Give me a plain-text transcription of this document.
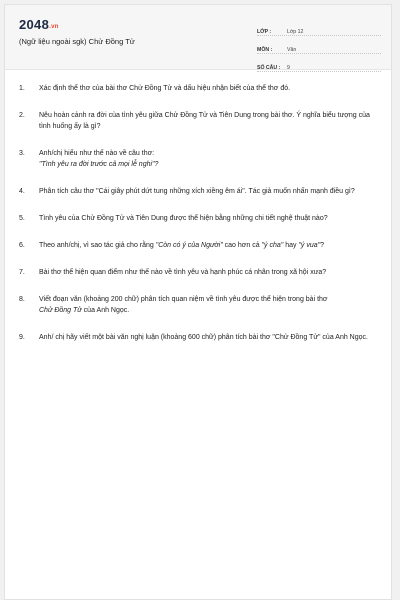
2048.vn
(Ngữ liệu ngoài sgk) Chử Đồng Tử
LỚP :	Lớp 12
MÔN :	Văn
SỐ CÂU :	9
1.	Xác định thể thơ của bài thơ Chử Đồng Tử và dấu hiệu nhận biết của thể thơ đó.
2.	Nêu hoàn cảnh ra đời của tình yêu giữa Chử Đồng Tử và Tiên Dung trong bài thơ. Ý nghĩa biểu tượng của tình huống ấy là gì?
3.	Anh/chị hiểu như thế nào về câu thơ:
"Tình yêu ra đời trước cả mọi lễ nghi"?
4.	Phân tích câu thơ "Cái giây phút dứt tung những xích xiềng êm ái". Tác giả muốn nhấn mạnh điều gì?
5.	Tình yêu của Chử Đồng Tử và Tiên Dung được thể hiện bằng những chi tiết nghệ thuật nào?
6.	Theo anh/chị, vì sao tác giả cho rằng "Còn có ý của Người" cao hơn cả "ý cha" hay "ý vua"?
7.	Bài thơ thể hiện quan điểm như thế nào về tình yêu và hạnh phúc cá nhân trong xã hội xưa?
8.	Viết đoạn văn (khoảng 200 chữ) phân tích quan niệm về tình yêu được thể hiện trong bài thơ
Chử Đồng Tử của Anh Ngọc.
9.	Anh/ chị hãy viết một bài văn nghị luận (khoảng 600 chữ) phân tích bài thơ "Chử Đồng Tử" của Anh Ngọc.
